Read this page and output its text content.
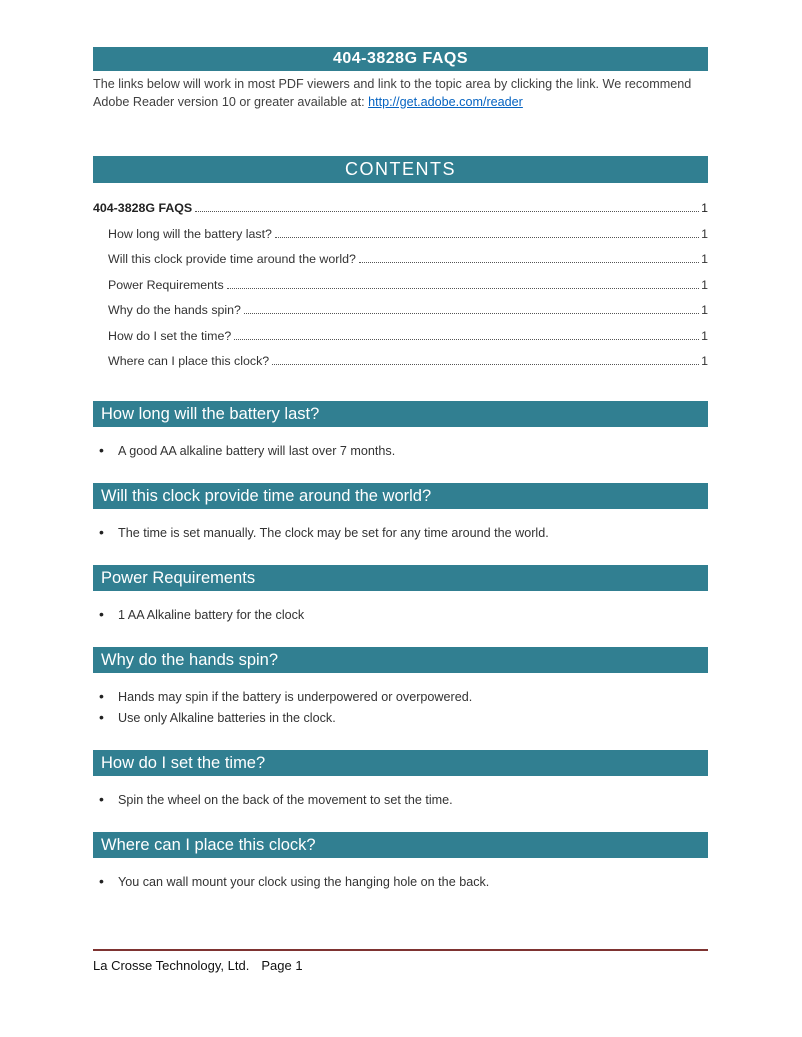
404-3828G FAQS
The links below will work in most PDF viewers and link to the topic area by clicking the link. We recommend Adobe Reader version 10 or greater available at: http://get.adobe.com/reader
CONTENTS
404-3828G FAQS	1
How long will the battery last?	1
Will this clock provide time around the world?	1
Power Requirements	1
Why do the hands spin?	1
How do I set the time?	1
Where can I place this clock?	1
How long will the battery last?
• A good AA alkaline battery will last over 7 months.
Will this clock provide time around the world?
• The time is set manually. The clock may be set for any time around the world.
Power Requirements
• 1 AA Alkaline battery for the clock
Why do the hands spin?
• Hands may spin if the battery is underpowered or overpowered.
• Use only Alkaline batteries in the clock.
How do I set the time?
• Spin the wheel on the back of the movement to set the time.
Where can I place this clock?
• You can wall mount your clock using the hanging hole on the back.
La Crosse Technology, Ltd. Page 1
